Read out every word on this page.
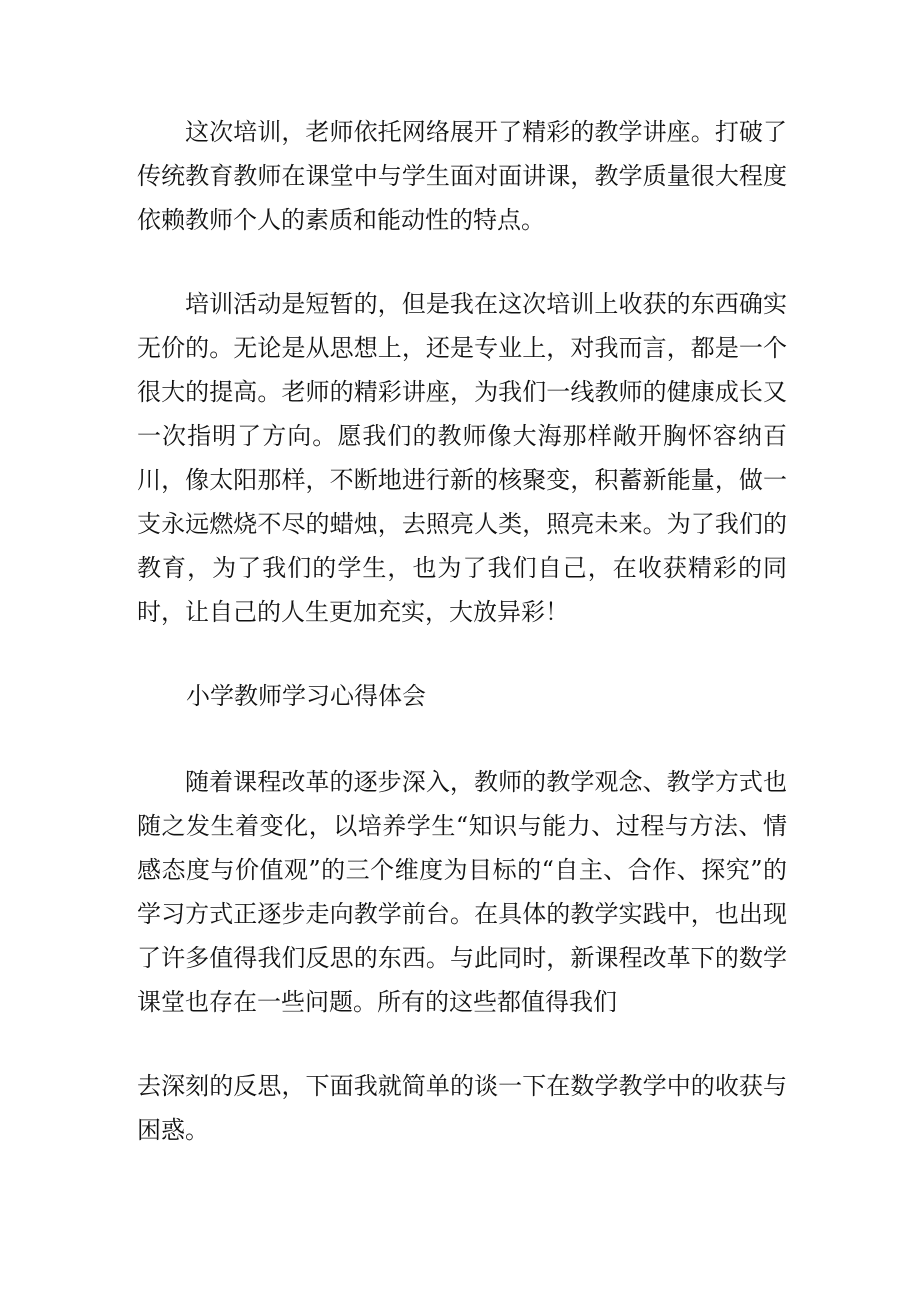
这次培训，老师依托网络展开了精彩的教学讲座。打破了传统教育教师在课堂中与学生面对面讲课，教学质量很大程度依赖教师个人的素质和能动性的特点。

培训活动是短暂的，但是我在这次培训上收获的东西确实无价的。无论是从思想上，还是专业上，对我而言，都是一个很大的提高。老师的精彩讲座，为我们一线教师的健康成长又一次指明了方向。愿我们的教师像大海那样敞开胸怀容纳百川，像太阳那样，不断地进行新的核聚变，积蓄新能量，做一支永远燃烧不尽的蜡烛，去照亮人类，照亮未来。为了我们的教育，为了我们的学生，也为了我们自己，在收获精彩的同时，让自己的人生更加充实，大放异彩！

小学教师学习心得体会

随着课程改革的逐步深入，教师的教学观念、教学方式也随之发生着变化，以培养学生“知识与能力、过程与方法、情感态度与价值观”的三个维度为目标的“自主、合作、探究”的学习方式正逐步走向教学前台。在具体的教学实践中，也出现了许多值得我们反思的东西。与此同时，新课程改革下的数学课堂也存在一些问题。所有的这些都值得我们

去深刻的反思，下面我就简单的谈一下在数学教学中的收获与困惑。
